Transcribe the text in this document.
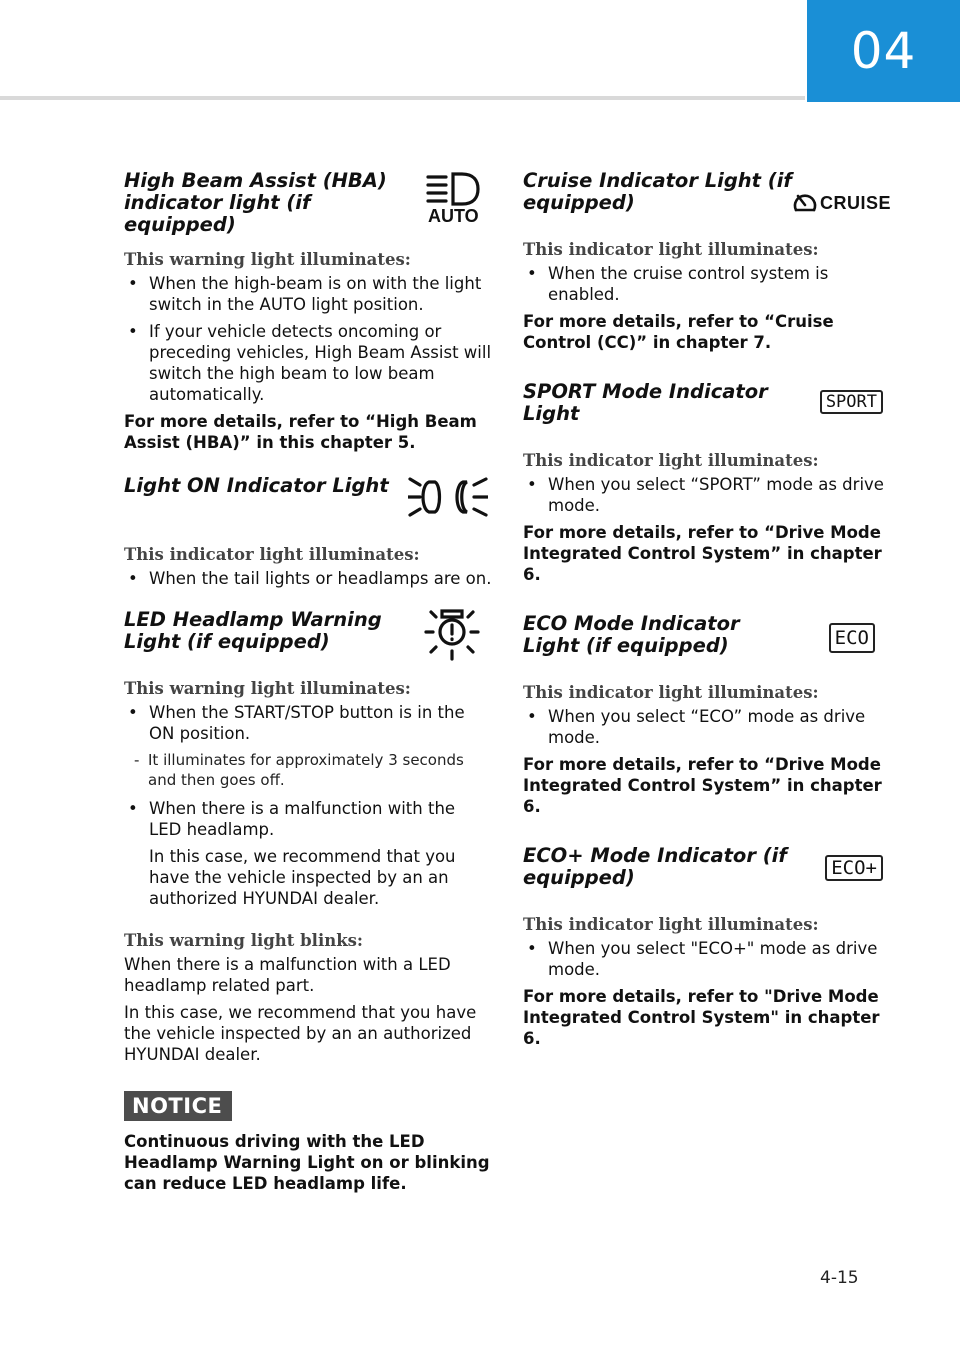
04
High Beam Assist (HBA) indicator light (if equipped)	AUTO
This warning light illuminates:
• When the high-beam is on with the light switch in the AUTO light position.
• If your vehicle detects oncoming or preceding vehicles, High Beam Assist will switch the high beam to low beam automatically.

For more details, refer to “High Beam Assist (HBA)” in this chapter 5.

Light ON Indicator Light
This indicator light illuminates:
• When the tail lights or headlamps are on.
LED Headlamp Warning Light (if equipped)
This warning light illuminates:
• When the START/STOP button is in the ON position.
- It illuminates for approximately 3 seconds and then goes off.
• When there is a malfunction with the LED headlamp.
In this case, we recommend that you have the vehicle inspected by an an authorized HYUNDAI dealer.
This warning light blinks:

When there is a malfunction with a LED headlamp related part.

In this case, we recommend that you have the vehicle inspected by an an authorized HYUNDAI dealer.

NOTICE

Continuous driving with the LED Headlamp Warning Light on or blinking can reduce LED headlamp life.

Cruise Indicator Light (if equipped)	CRUISE
This indicator light illuminates:
• When the cruise control system is enabled.

For more details, refer to “Cruise Control (CC)” in chapter 7.

SPORT Mode Indicator Light	SPORT
This indicator light illuminates:
• When you select “SPORT” mode as drive mode.

For more details, refer to “Drive Mode Integrated Control System” in chapter 6.

ECO Mode Indicator Light (if equipped)	ECO
This indicator light illuminates:
• When you select “ECO” mode as drive mode.

For more details, refer to “Drive Mode Integrated Control System” in chapter 6.

ECO+ Mode Indicator (if equipped)	ECO+
This indicator light illuminates:
• When you select "ECO+" mode as drive mode.

For more details, refer to "Drive Mode Integrated Control System" in chapter 6.

4-15
